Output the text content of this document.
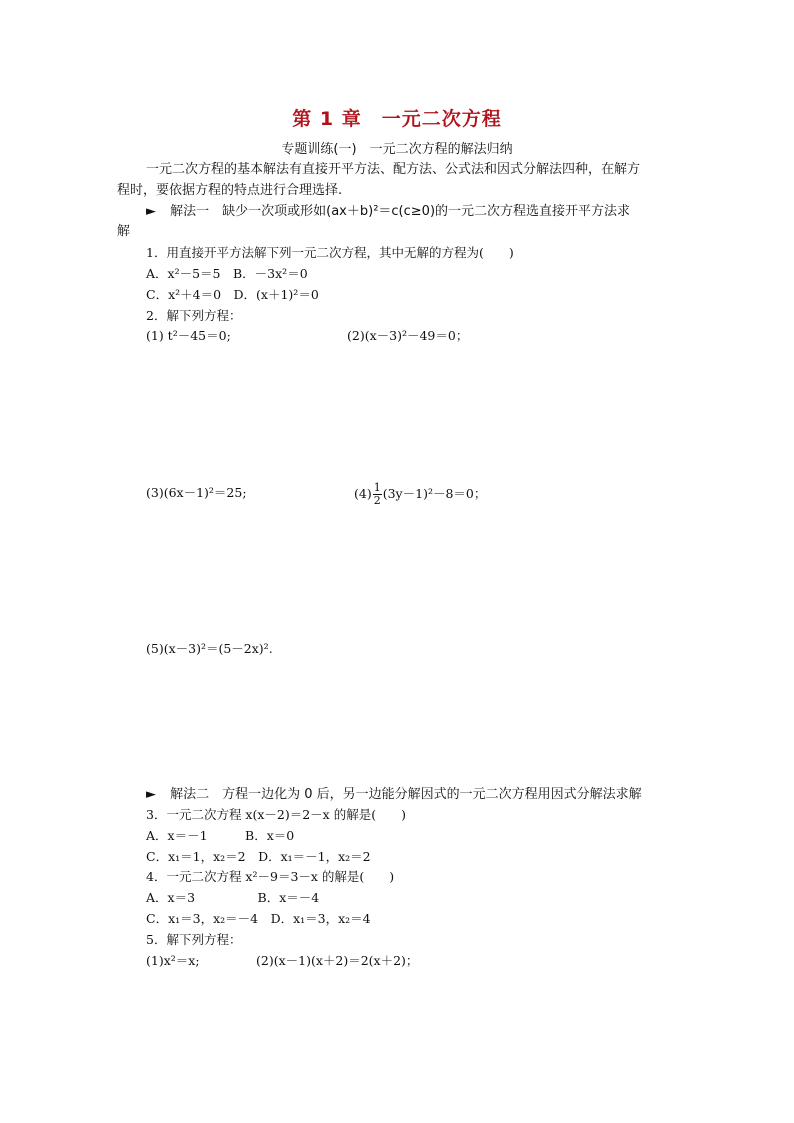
第 1 章　一元二次方程
专题训练(一)　一元二次方程的解法归纳
一元二次方程的基本解法有直接开平方法、配方法、公式法和因式分解法四种，在解方
程时，要依据方程的特点进行合理选择.
► 解法一　缺少一次项或形如(ax＋b)²＝c(c≥0)的一元二次方程选直接开平方法求
解
1．用直接开平方法解下列一元二次方程，其中无解的方程为(　　)
A．x²－5＝5　B．－3x²＝0
C．x²＋4＝0　D．(x＋1)²＝0
2．解下列方程：
(1) t²－45＝0;	(2)(x－3)²－49＝0；
(3)(6x－1)²＝25;	$(4) \frac{1}{2} (3y-1)^2-8=0$；
(5)(x－3)²＝(5－2x)².
► 解法二　方程一边化为 0 后，另一边能分解因式的一元二次方程用因式分解法求解
3．一元二次方程 x(x－2)＝2－x 的解是(　　)
A．x＝－1　　　B．x＝0
C．x₁＝1，x₂＝2　D．x₁＝－1，x₂＝2
4．一元二次方程 x²－9＝3－x 的解是(　　)
A．x＝3　　　　　B．x＝－4
C．x₁＝3，x₂＝－4　D．x₁＝3，x₂＝4
5．解下列方程：
(1)x²＝x;	(2)(x－1)(x＋2)＝2(x＋2)；
